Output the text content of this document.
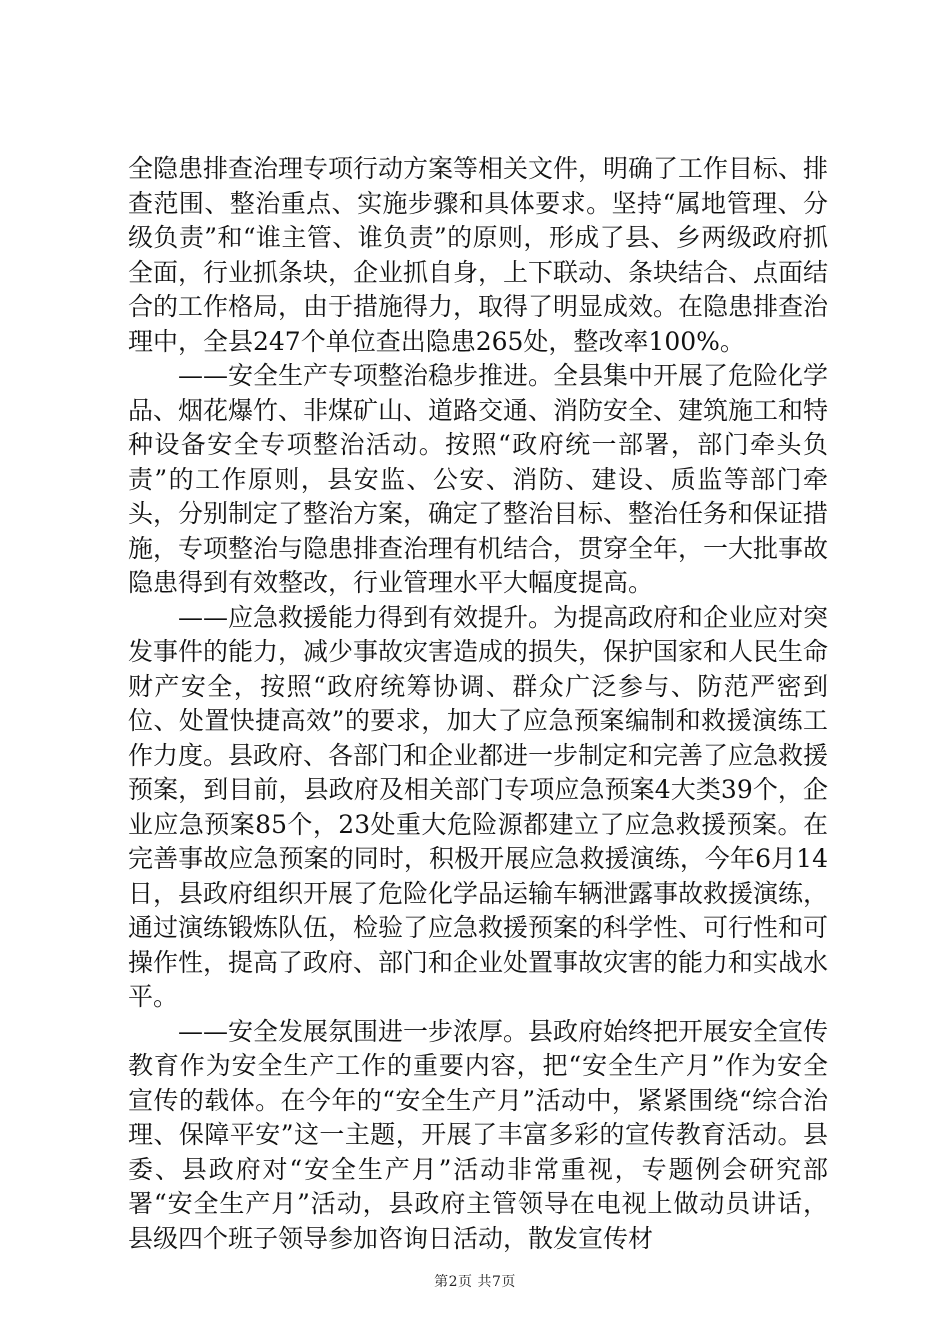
全隐患排查治理专项行动方案等相关文件，明确了工作目标、排查范围、整治重点、实施步骤和具体要求。坚持“属地管理、分级负责”和“谁主管、谁负责”的原则，形成了县、乡两级政府抓全面，行业抓条块，企业抓自身，上下联动、条块结合、点面结合的工作格局，由于措施得力，取得了明显成效。在隐患排查治理中，全县247个单位查出隐患265处，整改率100%。

——安全生产专项整治稳步推进。全县集中开展了危险化学品、烟花爆竹、非煤矿山、道路交通、消防安全、建筑施工和特种设备安全专项整治活动。按照“政府统一部署，部门牵头负责”的工作原则，县安监、公安、消防、建设、质监等部门牵头，分别制定了整治方案，确定了整治目标、整治任务和保证措施，专项整治与隐患排查治理有机结合，贯穿全年，一大批事故隐患得到有效整改，行业管理水平大幅度提高。

——应急救援能力得到有效提升。为提高政府和企业应对突发事件的能力，减少事故灾害造成的损失，保护国家和人民生命财产安全，按照“政府统筹协调、群众广泛参与、防范严密到位、处置快捷高效”的要求，加大了应急预案编制和救援演练工作力度。县政府、各部门和企业都进一步制定和完善了应急救援预案，到目前，县政府及相关部门专项应急预案4大类39个，企业应急预案85个，23处重大危险源都建立了应急救援预案。在完善事故应急预案的同时，积极开展应急救援演练，今年6月14日，县政府组织开展了危险化学品运输车辆泄露事故救援演练，通过演练锻炼队伍，检验了应急救援预案的科学性、可行性和可操作性，提高了政府、部门和企业处置事故灾害的能力和实战水平。

——安全发展氛围进一步浓厚。县政府始终把开展安全宣传教育作为安全生产工作的重要内容，把“安全生产月”作为安全宣传的载体。在今年的“安全生产月”活动中，紧紧围绕“综合治理、保障平安”这一主题，开展了丰富多彩的宣传教育活动。县委、县政府对“安全生产月”活动非常重视，专题例会研究部署“安全生产月”活动，县政府主管领导在电视上做动员讲话，县级四个班子领导参加咨询日活动，散发宣传材

第2页 共7页
